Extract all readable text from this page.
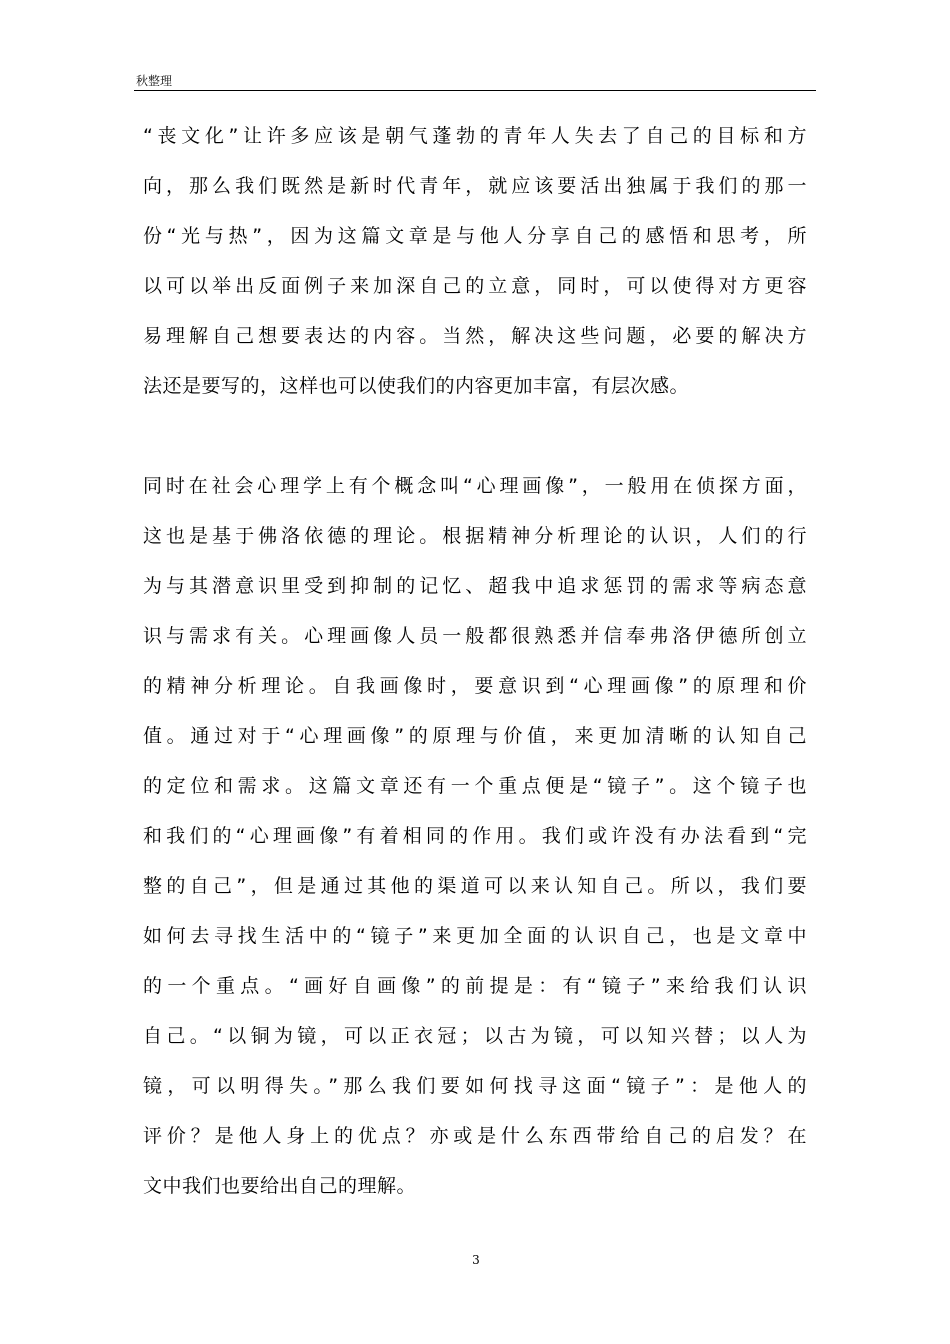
秋整理
“丧文化”让许多应该是朝气蓬勃的青年人失去了自己的目标和方
向，那么我们既然是新时代青年，就应该要活出独属于我们的那一
份“光与热”，因为这篇文章是与他人分享自己的感悟和思考，所
以可以举出反面例子来加深自己的立意，同时，可以使得对方更容
易理解自己想要表达的内容。当然，解决这些问题，必要的解决方
法还是要写的，这样也可以使我们的内容更加丰富，有层次感。
同时在社会心理学上有个概念叫“心理画像”，一般用在侦探方面，
这也是基于佛洛依德的理论。根据精神分析理论的认识，人们的行
为与其潜意识里受到抑制的记忆、超我中追求惩罚的需求等病态意
识与需求有关。心理画像人员一般都很熟悉并信奉弗洛伊德所创立
的精神分析理论。自我画像时，要意识到“心理画像”的原理和价
值。通过对于“心理画像”的原理与价值，来更加清晰的认知自己
的定位和需求。这篇文章还有一个重点便是“镜子”。这个镜子也
和我们的“心理画像”有着相同的作用。我们或许没有办法看到“完
整的自己”，但是通过其他的渠道可以来认知自己。所以，我们要
如何去寻找生活中的“镜子”来更加全面的认识自己，也是文章中
的一个重点。“画好自画像”的前提是：有“镜子”来给我们认识
自己。“以铜为镜，可以正衣冠；以古为镜，可以知兴替；以人为
镜，可以明得失。”那么我们要如何找寻这面“镜子”：是他人的
评价？是他人身上的优点？亦或是什么东西带给自己的启发？在
文中我们也要给出自己的理解。
3
